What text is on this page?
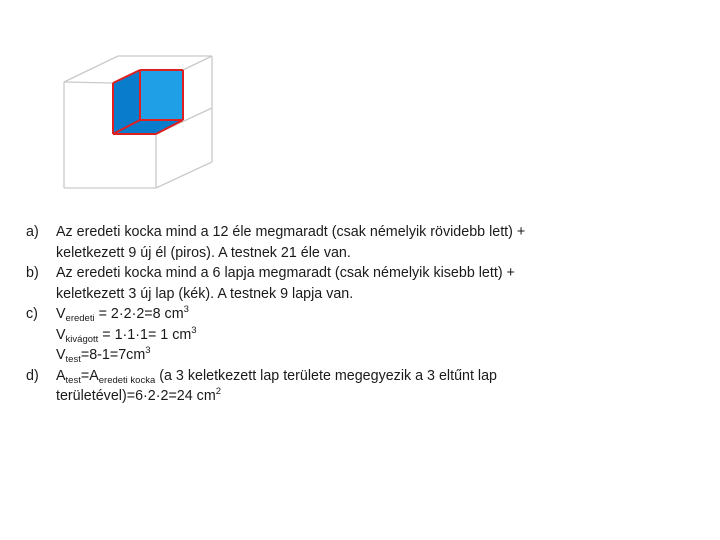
a)	Az eredeti kocka mind a 12 éle megmaradt (csak némelyik rövidebb lett) +
keletkezett 9 új él (piros). A testnek 21 éle van.
b)	Az eredeti kocka mind a 6 lapja megmaradt (csak némelyik kisebb lett) +
keletkezett 3 új lap (kék). A testnek 9 lapja van.
c)	$V_{eredeti} = 2\cdot 2\cdot 2=8$ $cm^3$
$V_{kivágott} = 1\cdot 1\cdot 1= 1$ $cm^3$
$V_{test}=8-1=7cm^3$
d)	$A_{test}=A_{eredeti kocka}$ (a 3 keletkezett lap területe megegyezik a 3 eltűnt lap
területével)=6·2·2=24 $cm^2$
